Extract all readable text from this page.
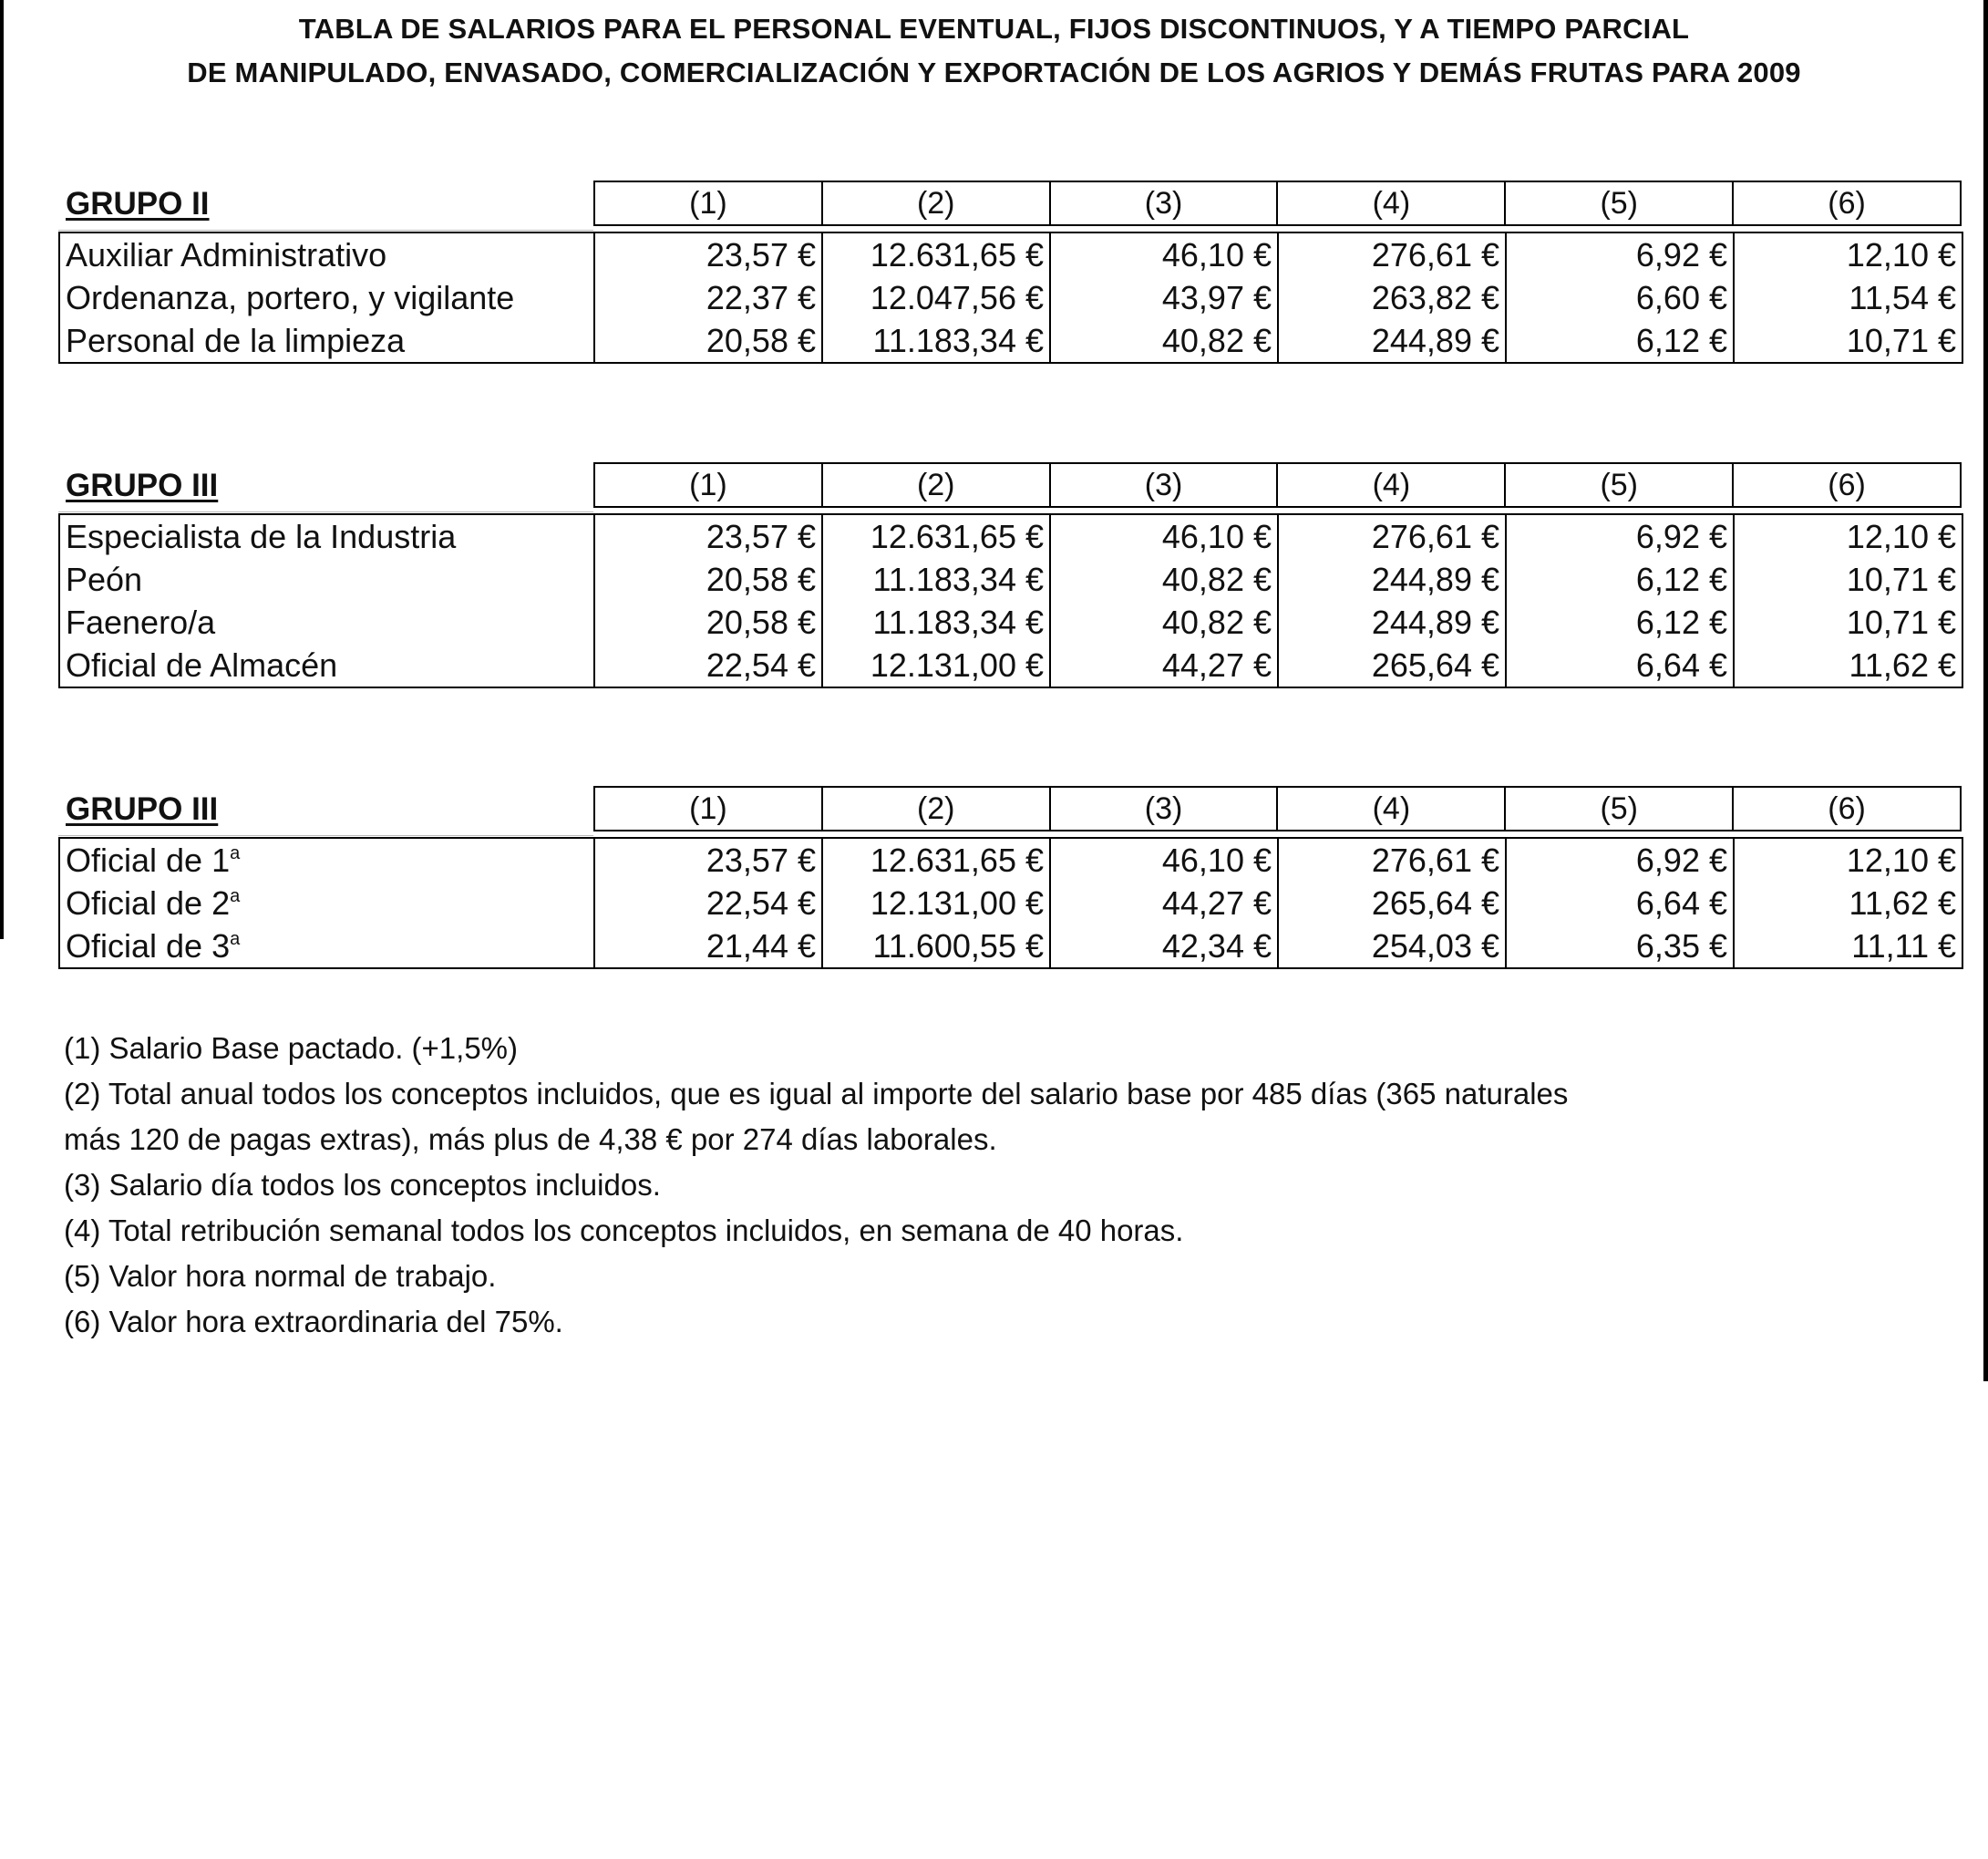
TABLA DE SALARIOS PARA EL PERSONAL EVENTUAL, FIJOS DISCONTINUOS, Y A TIEMPO PARCIAL
DE MANIPULADO, ENVASADO, COMERCIALIZACIÓN Y EXPORTACIÓN DE LOS AGRIOS Y DEMÁS FRUTAS PARA 2009
GRUPO II	(1)	(2)	(3)	(4)	(5)	(6)
Auxiliar Administrativo	23,57 €	12.631,65 €	46,10 €	276,61 €	6,92 €	12,10 €
Ordenanza, portero, y vigilante	22,37 €	12.047,56 €	43,97 €	263,82 €	6,60 €	11,54 €
Personal de la limpieza	20,58 €	11.183,34 €	40,82 €	244,89 €	6,12 €	10,71 €
GRUPO III	(1)	(2)	(3)	(4)	(5)	(6)
Especialista de la Industria	23,57 €	12.631,65 €	46,10 €	276,61 €	6,92 €	12,10 €
Peón	20,58 €	11.183,34 €	40,82 €	244,89 €	6,12 €	10,71 €
Faenero/a	20,58 €	11.183,34 €	40,82 €	244,89 €	6,12 €	10,71 €
Oficial de Almacén	22,54 €	12.131,00 €	44,27 €	265,64 €	6,64 €	11,62 €
GRUPO III	(1)	(2)	(3)	(4)	(5)	(6)
Oficial de 1$^a$	23,57 €	12.631,65 €	46,10 €	276,61 €	6,92 €	12,10 €
Oficial de 2$^a$	22,54 €	12.131,00 €	44,27 €	265,64 €	6,64 €	11,62 €
Oficial de 3$^a$	21,44 €	11.600,55 €	42,34 €	254,03 €	6,35 €	11,11 €

(1) Salario Base pactado. (+1,5%)

(2) Total anual todos los conceptos incluidos, que es igual al importe del salario base por 485 días (365 naturales

más 120 de pagas extras), más plus de 4,38 € por 274 días laborales.

(3) Salario día todos los conceptos incluidos.

(4) Total retribución semanal todos los conceptos incluidos, en semana de 40 horas.

(5) Valor hora normal de trabajo.

(6) Valor hora extraordinaria del 75%.
